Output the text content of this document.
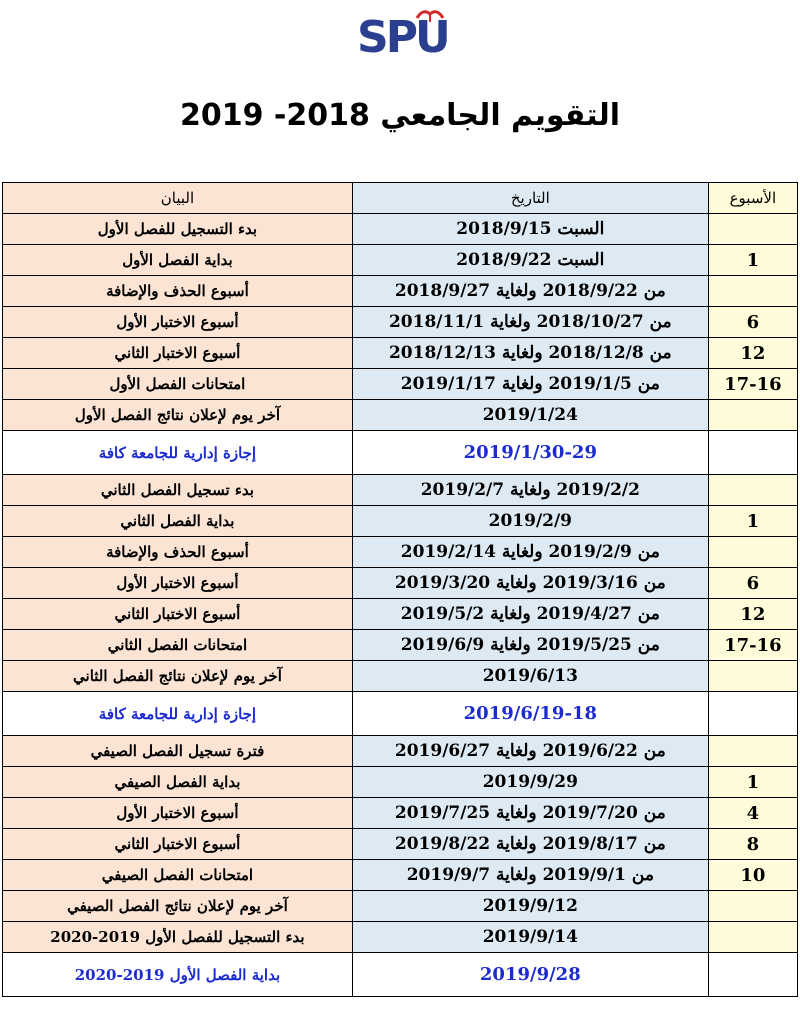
SPU
التقويم الجامعي 2018- 2019
البيان	التاريخ	الأسبوع
بدء التسجيل للفصل الأول	السبت 2018/9/15	
بداية الفصل الأول	السبت 2018/9/22	1
أسبوع الحذف والإضافة	من 2018/9/22 ولغاية 2018/9/27	
أسبوع الاختبار الأول	من 2018/10/27 ولغاية 2018/11/1	6
أسبوع الاختبار الثاني	من 2018/12/8 ولغاية 2018/12/13	12
امتحانات الفصل الأول	من 2019/1/5 ولغاية 2019/1/17	17-16
آخر يوم لإعلان نتائج الفصل الأول	2019/1/24	
إجازة إدارية للجامعة كافة	2019/1/30-29	
بدء تسجيل الفصل الثاني	2019/2/2 ولغاية 2019/2/7	
بداية الفصل الثاني	2019/2/9	1
أسبوع الحذف والإضافة	من 2019/2/9 ولغاية 2019/2/14	
أسبوع الاختبار الأول	من 2019/3/16 ولغاية 2019/3/20	6
أسبوع الاختبار الثاني	من 2019/4/27 ولغاية 2019/5/2	12
امتحانات الفصل الثاني	من 2019/5/25 ولغاية 2019/6/9	17-16
آخر يوم لإعلان نتائج الفصل الثاني	2019/6/13	
إجازة إدارية للجامعة كافة	2019/6/19-18	
فترة تسجيل الفصل الصيفي	من 2019/6/22 ولغاية 2019/6/27	
بداية الفصل الصيفي	2019/9/29	1
أسبوع الاختبار الأول	من 2019/7/20 ولغاية 2019/7/25	4
أسبوع الاختبار الثاني	من 2019/8/17 ولغاية 2019/8/22	8
امتحانات الفصل الصيفي	من 2019/9/1 ولغاية 2019/9/7	10
آخر يوم لإعلان نتائج الفصل الصيفي	2019/9/12	
بدء التسجيل للفصل الأول 2019-2020	2019/9/14	
بداية الفصل الأول 2019-2020	2019/9/28	
